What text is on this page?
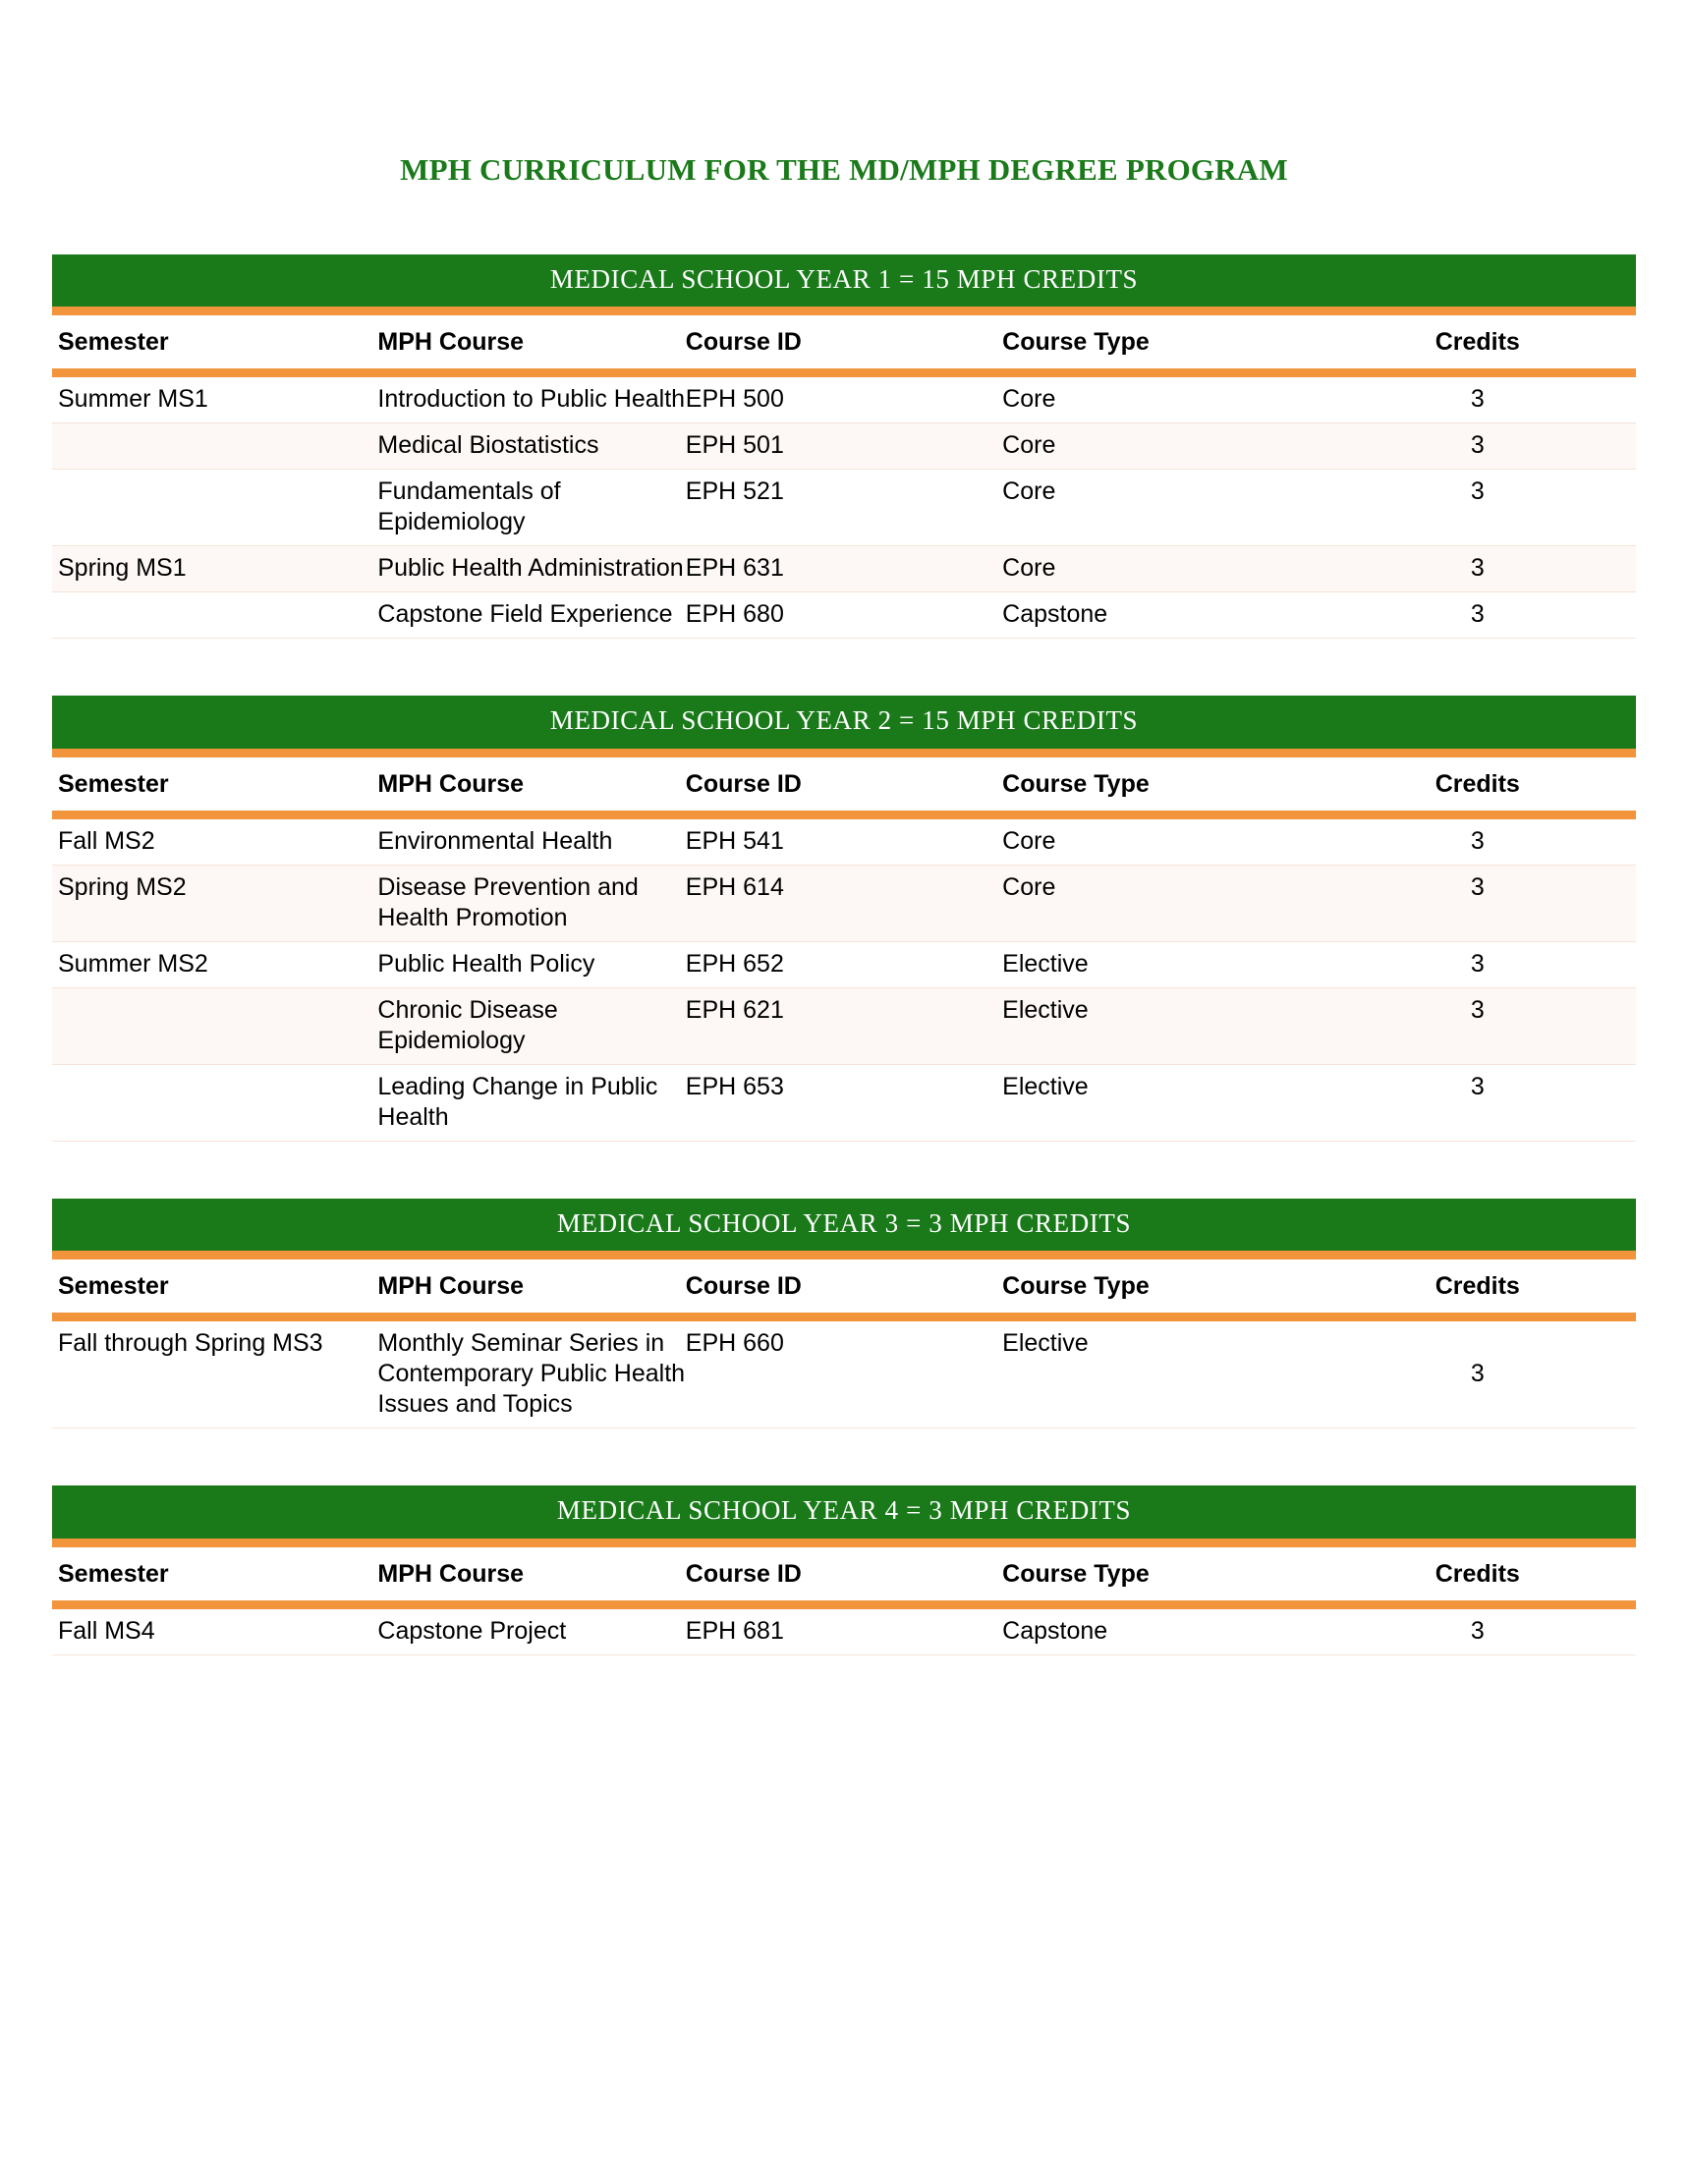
MPH CURRICULUM FOR THE MD/MPH DEGREE PROGRAM
MEDICAL SCHOOL YEAR 1 = 15 MPH CREDITS				
Semester	MPH Course	Course ID	Course Type	Credits
Summer MS1	Introduction to Public Health	EPH 500	Core	3
	Medical Biostatistics	EPH 501	Core	3
	Fundamentals of Epidemiology	EPH 521	Core	3
Spring MS1	Public Health Administration	EPH 631	Core	3
	Capstone Field Experience	EPH 680	Capstone	3
MEDICAL SCHOOL YEAR 2 = 15 MPH CREDITS				
Semester	MPH Course	Course ID	Course Type	Credits
Fall MS2	Environmental Health	EPH 541	Core	3
Spring MS2	Disease Prevention and Health Promotion	EPH 614	Core	3
Summer MS2	Public Health Policy	EPH 652	Elective	3
	Chronic Disease Epidemiology	EPH 621	Elective	3
	Leading Change in Public Health	EPH 653	Elective	3
MEDICAL SCHOOL YEAR 3 = 3 MPH CREDITS				
Semester	MPH Course	Course ID	Course Type	Credits
Fall through Spring MS3	Monthly Seminar Series in Contemporary Public Health Issues and Topics	EPH 660	Elective	3
MEDICAL SCHOOL YEAR 4 = 3 MPH CREDITS				
Semester	MPH Course	Course ID	Course Type	Credits
Fall MS4	Capstone Project	EPH 681	Capstone	3
